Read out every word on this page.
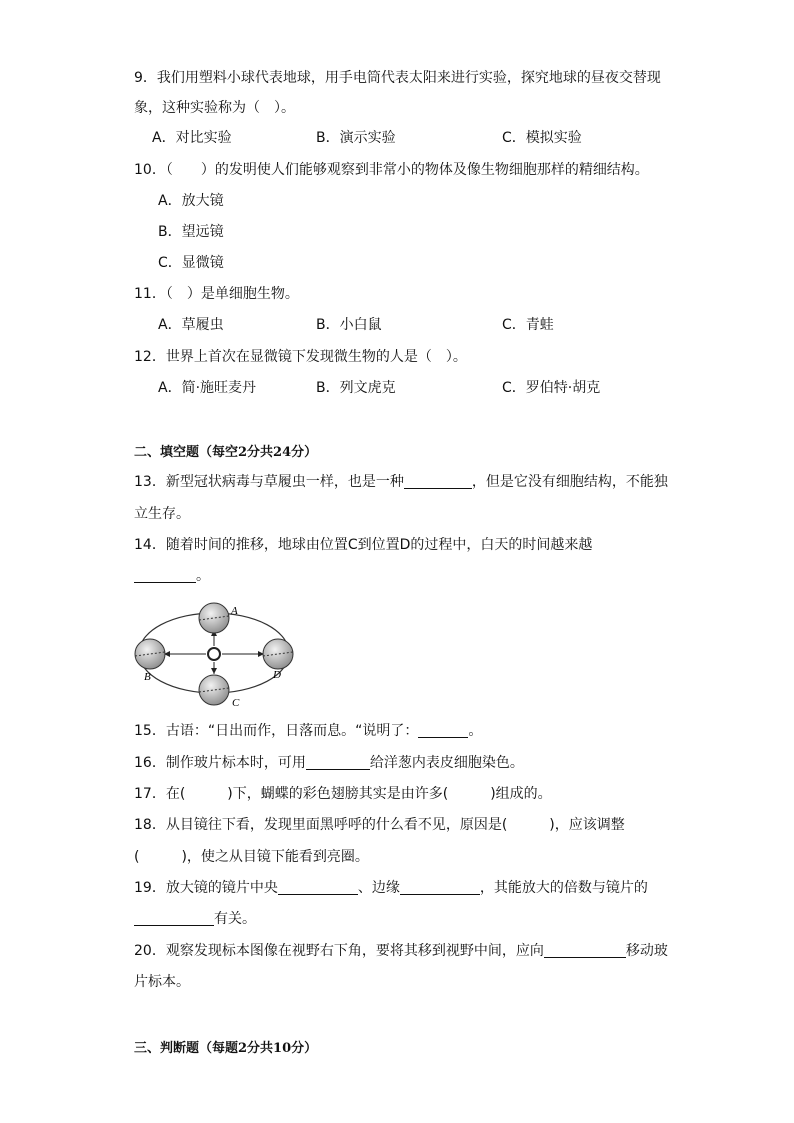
9．我们用塑料小球代表地球，用手电筒代表太阳来进行实验，探究地球的昼夜交替现
象，这种实验称为（　）。
A．对比实验	B．演示实验	C．模拟实验
10．（　　）的发明使人们能够观察到非常小的物体及像生物细胞那样的精细结构。
A．放大镜
B．望远镜
C．显微镜
11．（　）是单细胞生物。
A．草履虫	B．小白鼠	C．青蛙
12．世界上首次在显微镜下发现微生物的人是（　）。
A．简·施旺麦丹	B．列文虎克	C．罗伯特·胡克
二、填空题（每空2分共24分）
13．新型冠状病毒与草履虫一样，也是一种	，但是它没有细胞结构，不能独
立生存。
14．随着时间的推移，地球由位置C到位置D的过程中，白天的时间越来越
。
A
B
C
D
15．古语：“日出而作，日落而息。“说明了：	。
16．制作玻片标本时，可用	给洋葱内表皮细胞染色。
17．在(　　　)下，蝴蝶的彩色翅膀其实是由许多(　　　)组成的。
18．从目镜往下看，发现里面黑呼呼的什么看不见，原因是(　　　)，应该调整
(　　　)，使之从目镜下能看到亮圈。
19．放大镜的镜片中央	、边缘	，其能放大的倍数与镜片的
有关。
20．观察发现标本图像在视野右下角，要将其移到视野中间，应向	移动玻
片标本。
三、判断题（每题2分共10分）
